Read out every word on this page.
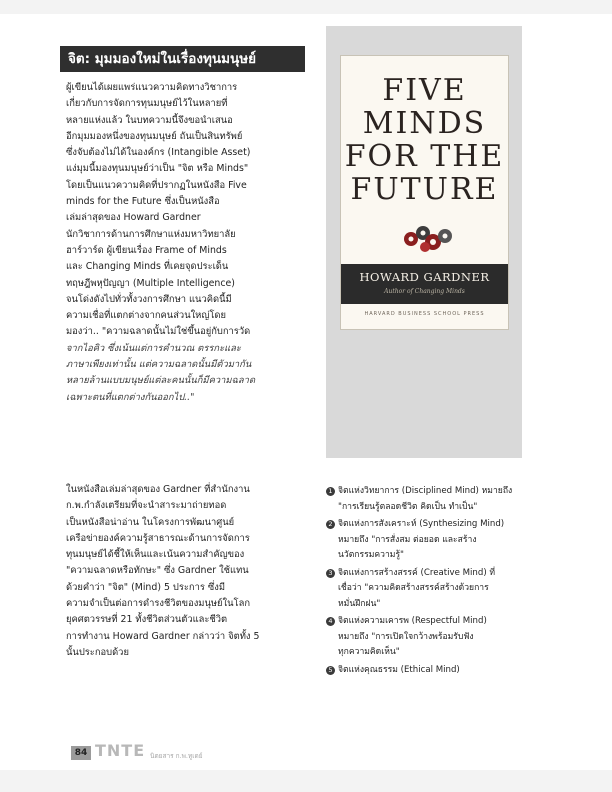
จิต: มุมมองใหม่ในเรื่องทุนมนุษย์
ผู้เขียนได้เผยแพร่แนวความคิดทางวิชาการ
เกี่ยวกับการจัดการทุนมนุษย์ไว้ในหลายที่
หลายแห่งแล้ว ในบทความนี้จึงขอนำเสนอ
อีกมุมมองหนึ่งของทุนมนุษย์ ถันเป็นสินทรัพย์
ซึ่งจับต้องไม่ได้ในองค์กร (Intangible Asset)
แง่มุมนี้มองทุนมนุษย์ว่าเป็น "จิต หรือ Minds"
โดยเป็นแนวความคิดที่ปรากฏในหนังสือ Five
minds for the Future ซึ่งเป็นหนังสือ
เล่มล่าสุดของ Howard Gardner
นักวิชาการด้านการศึกษาแห่งมหาวิทยาลัย
ฮาร์วาร์ด ผู้เขียนเรื่อง Frame of Minds
และ Changing Minds ที่เคยจุดประเด็น
ทฤษฎีพหุปัญญา (Multiple Intelligence)
จนโด่งดังไปทั่วทั้งวงการศึกษา แนวคิดนี้มี
ความเชื่อที่แตกต่างจากคนส่วนใหญ่โดย
มองว่า.. "ความฉลาดนั้นไม่ใช่ขึ้นอยู่กับการวัด
จากไอคิว ซึ่งเน้นแต่การคำนวณ ตรรกะและ
ภาษาเพียงเท่านั้น แต่ความฉลาดนั้นมีตัวมากัน
หลายล้านแบบมนุษย์แต่ละคนนั้นก็มีความฉลาด
เฉพาะตนที่แตกต่างกันออกไป.."
ในหนังสือเล่มล่าสุดของ Gardner ที่สำนักงาน
ก.พ.กำลังเตรียมที่จะนำสาระมาถ่ายทอด
เป็นหนังสือน่าอ่าน ในโครงการพัฒนาศูนย์
เครือข่ายองค์ความรู้สาธารณะด้านการจัดการ
ทุนมนุษย์ได้ชี้ให้เห็นและเน้นความสำคัญของ
"ความฉลาดหรือทักษะ" ซึ่ง Gardner ใช้แทน
ด้วยคำว่า "จิต" (Mind) 5 ประการ ซึ่งมี
ความจำเป็นต่อการดำรงชีวิตของมนุษย์ในโลก
ยุคศตวรรษที่ 21 ทั้งชีวิตส่วนตัวและชีวิต
การทำงาน Howard Gardner กล่าวว่า จิตทั้ง 5
นั้นประกอบด้วย
FIVE
MINDS
FOR THE
FUTURE
HOWARD GARDNER
Author of Changing Minds
HARVARD BUSINESS SCHOOL PRESS
1 จิตแห่งวิทยาการ (Disciplined Mind) หมายถึง
"การเรียนรู้ตลอดชีวิต คิดเป็น ทำเป็น"
2 จิตแห่งการสังเคราะห์ (Synthesizing Mind)
หมายถึง "การสั่งสม ต่อยอด และสร้าง
นวัตกรรมความรู้"
3 จิตแห่งการสร้างสรรค์ (Creative Mind) ที่
เชื่อว่า "ความคิดสร้างสรรค์สร้างด้วยการ
หมั่นฝึกฝน"
4 จิตแห่งความเคารพ (Respectful Mind)
หมายถึง "การเปิดใจกว้างพร้อมรับฟัง
ทุกความคิดเห็น"
5 จิตแห่งคุณธรรม (Ethical Mind)
84 TNTE นิตยสาร ก.พ.ทูเดย์
